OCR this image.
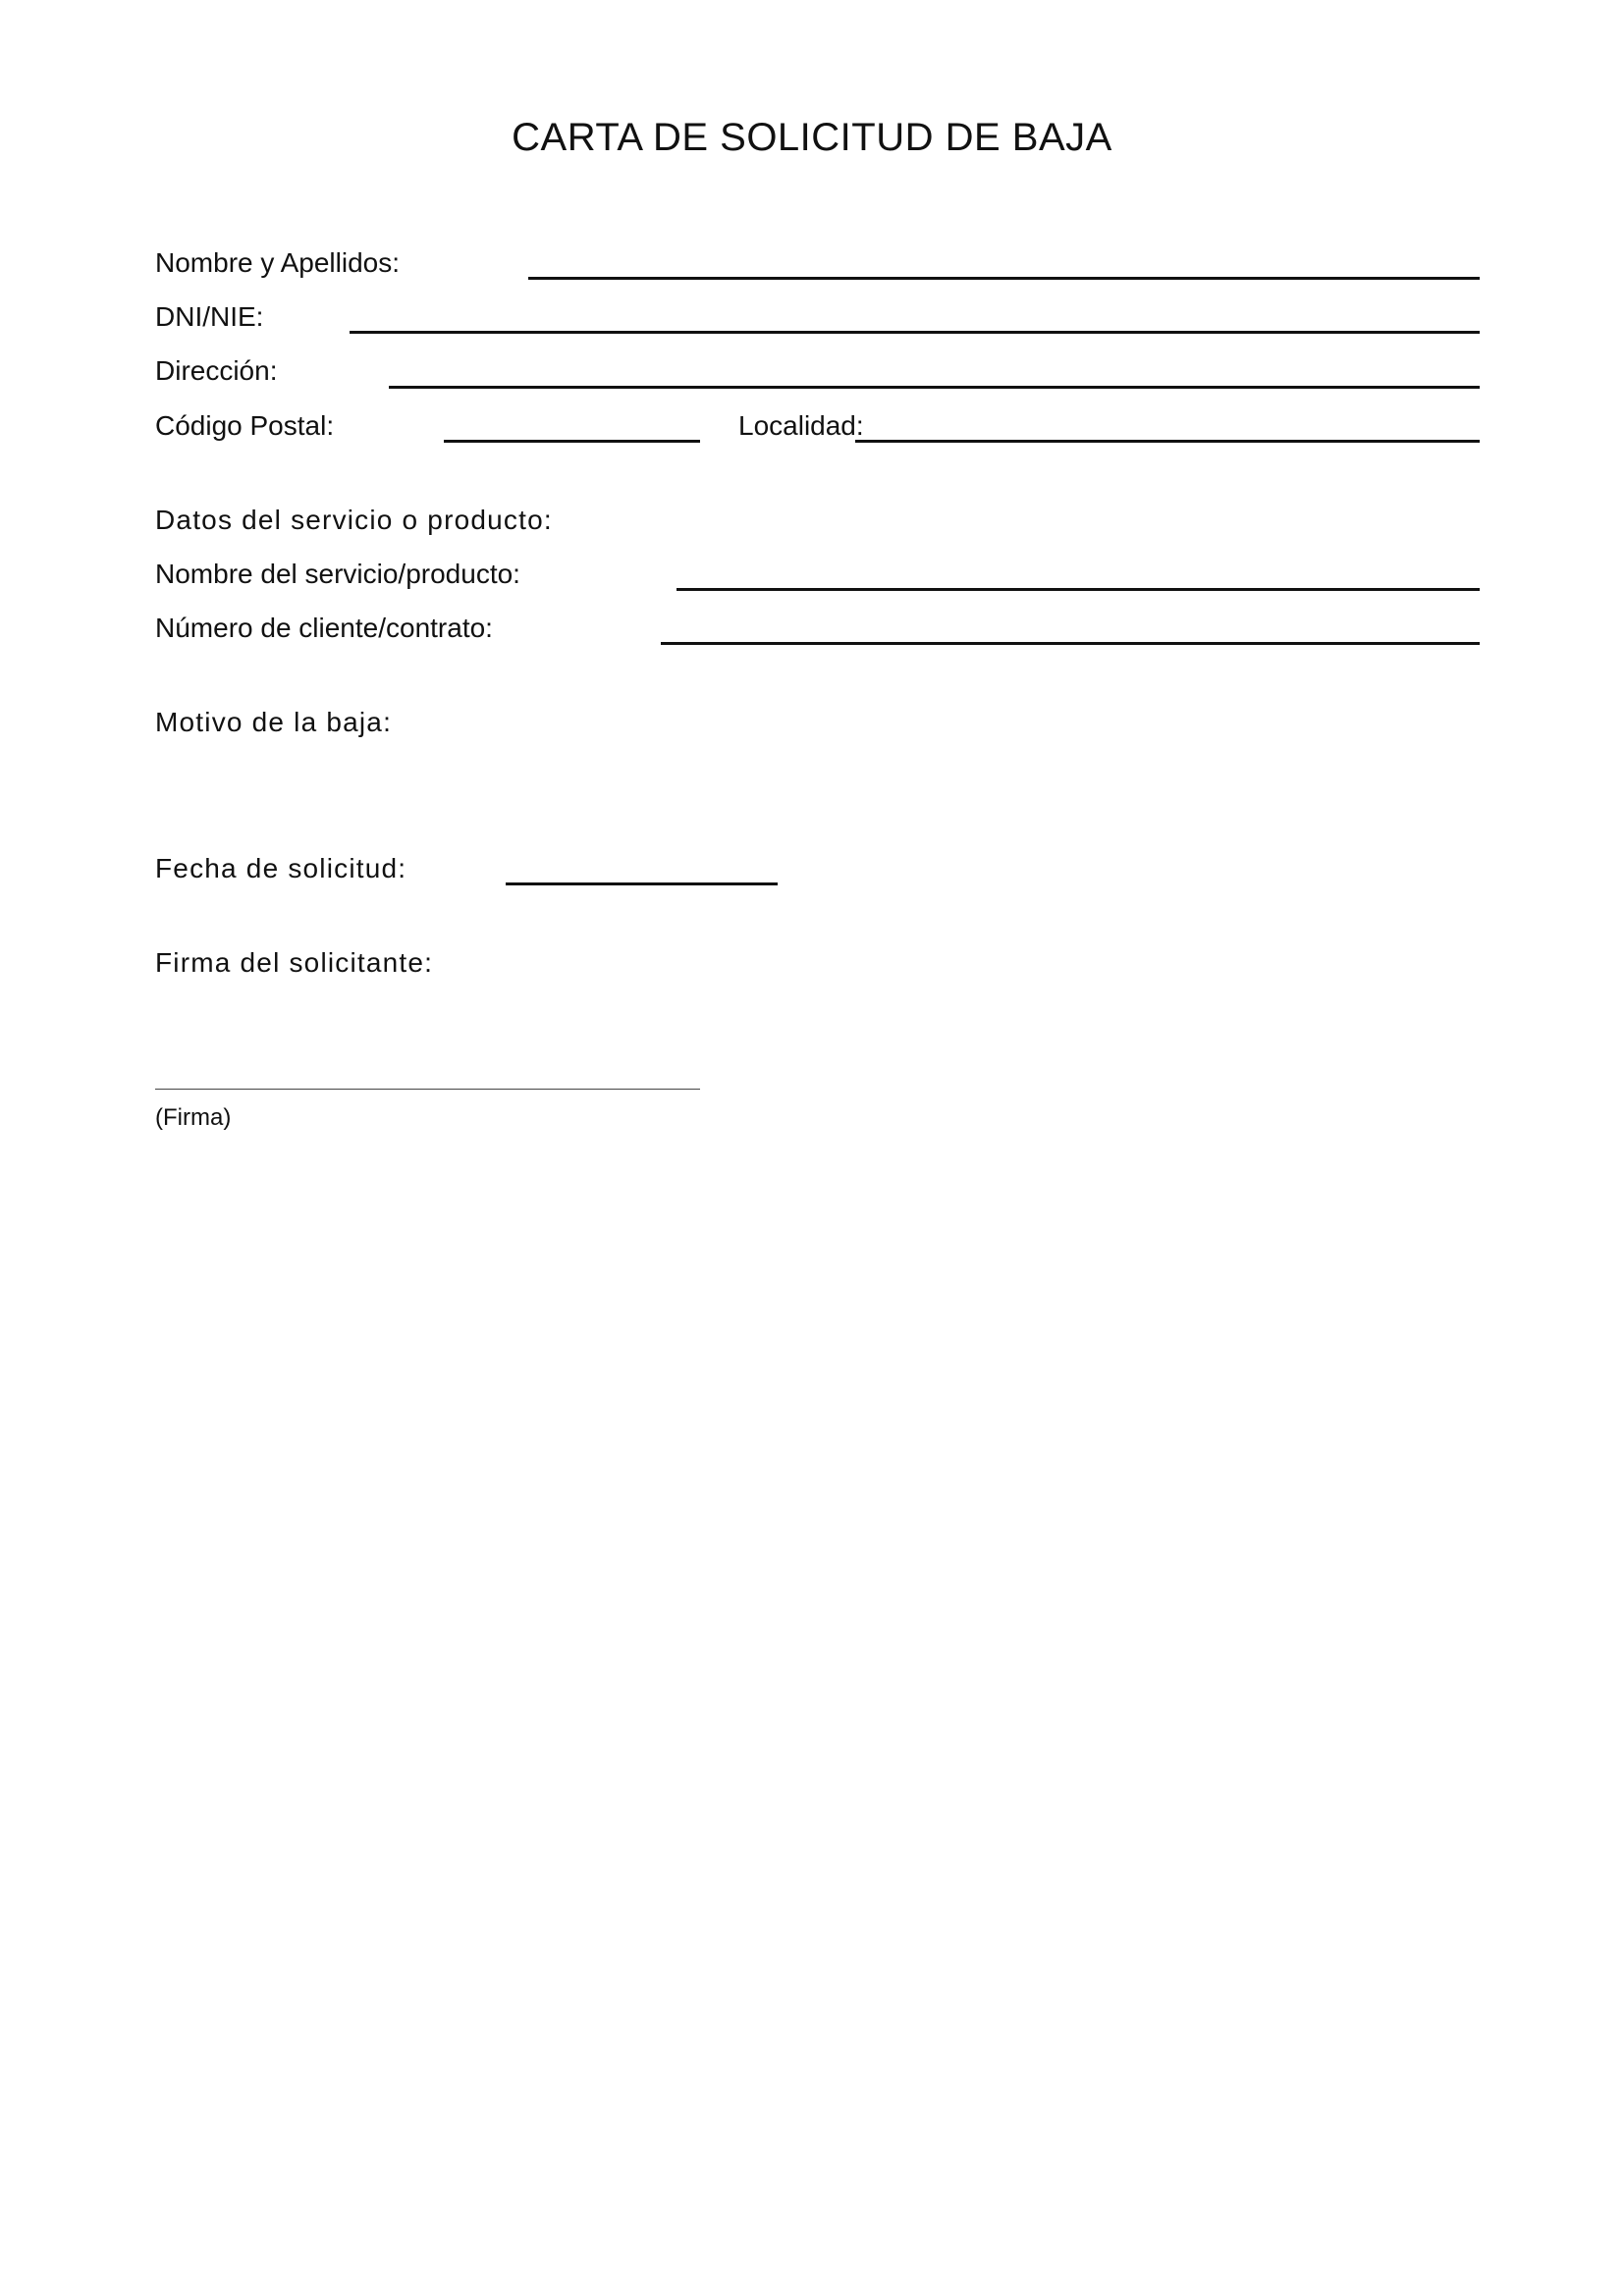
CARTA DE SOLICITUD DE BAJA
Nombre y Apellidos:
DNI/NIE:
Dirección:
Código Postal:	Localidad:
Datos del servicio o producto:
Nombre del servicio/producto:
Número de cliente/contrato:
Motivo de la baja:
Fecha de solicitud:
Firma del solicitante:
(Firma)
